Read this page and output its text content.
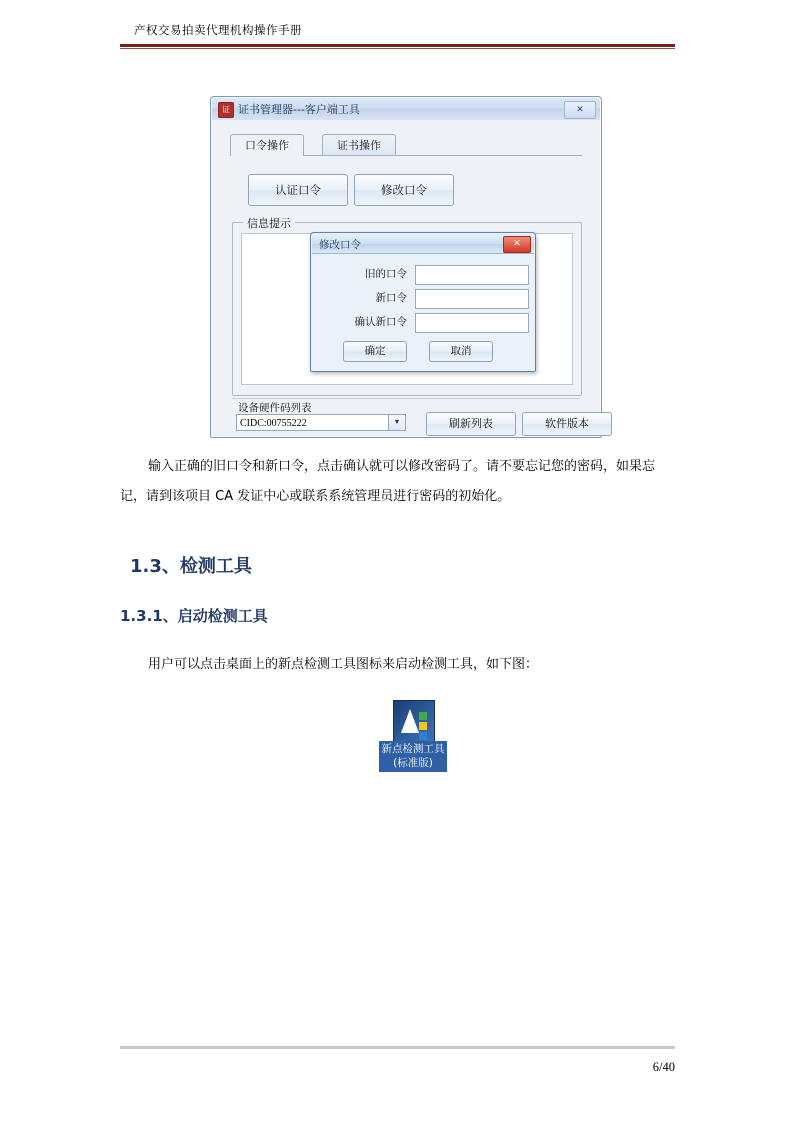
产权交易拍卖代理机构操作手册
证 证书管理器---客户端工具	✕
口令操作	证书操作
认证口令	修改口令
信息提示
修改口令	✕
旧的口令
新口令
确认新口令
确定	取消
设备硬件码列表
CIDC:00755222	▼	刷新列表	软件版本
输入正确的旧口令和新口令，点击确认就可以修改密码了。请不要忘记您的密码，如果忘记，请到该项目 CA 发证中心或联系系统管理员进行密码的初始化。
1.3、检测工具
1.3.1、启动检测工具
用户可以点击桌面上的新点检测工具图标来启动检测工具，如下图：
新点检测工具(标准版)
6/40
